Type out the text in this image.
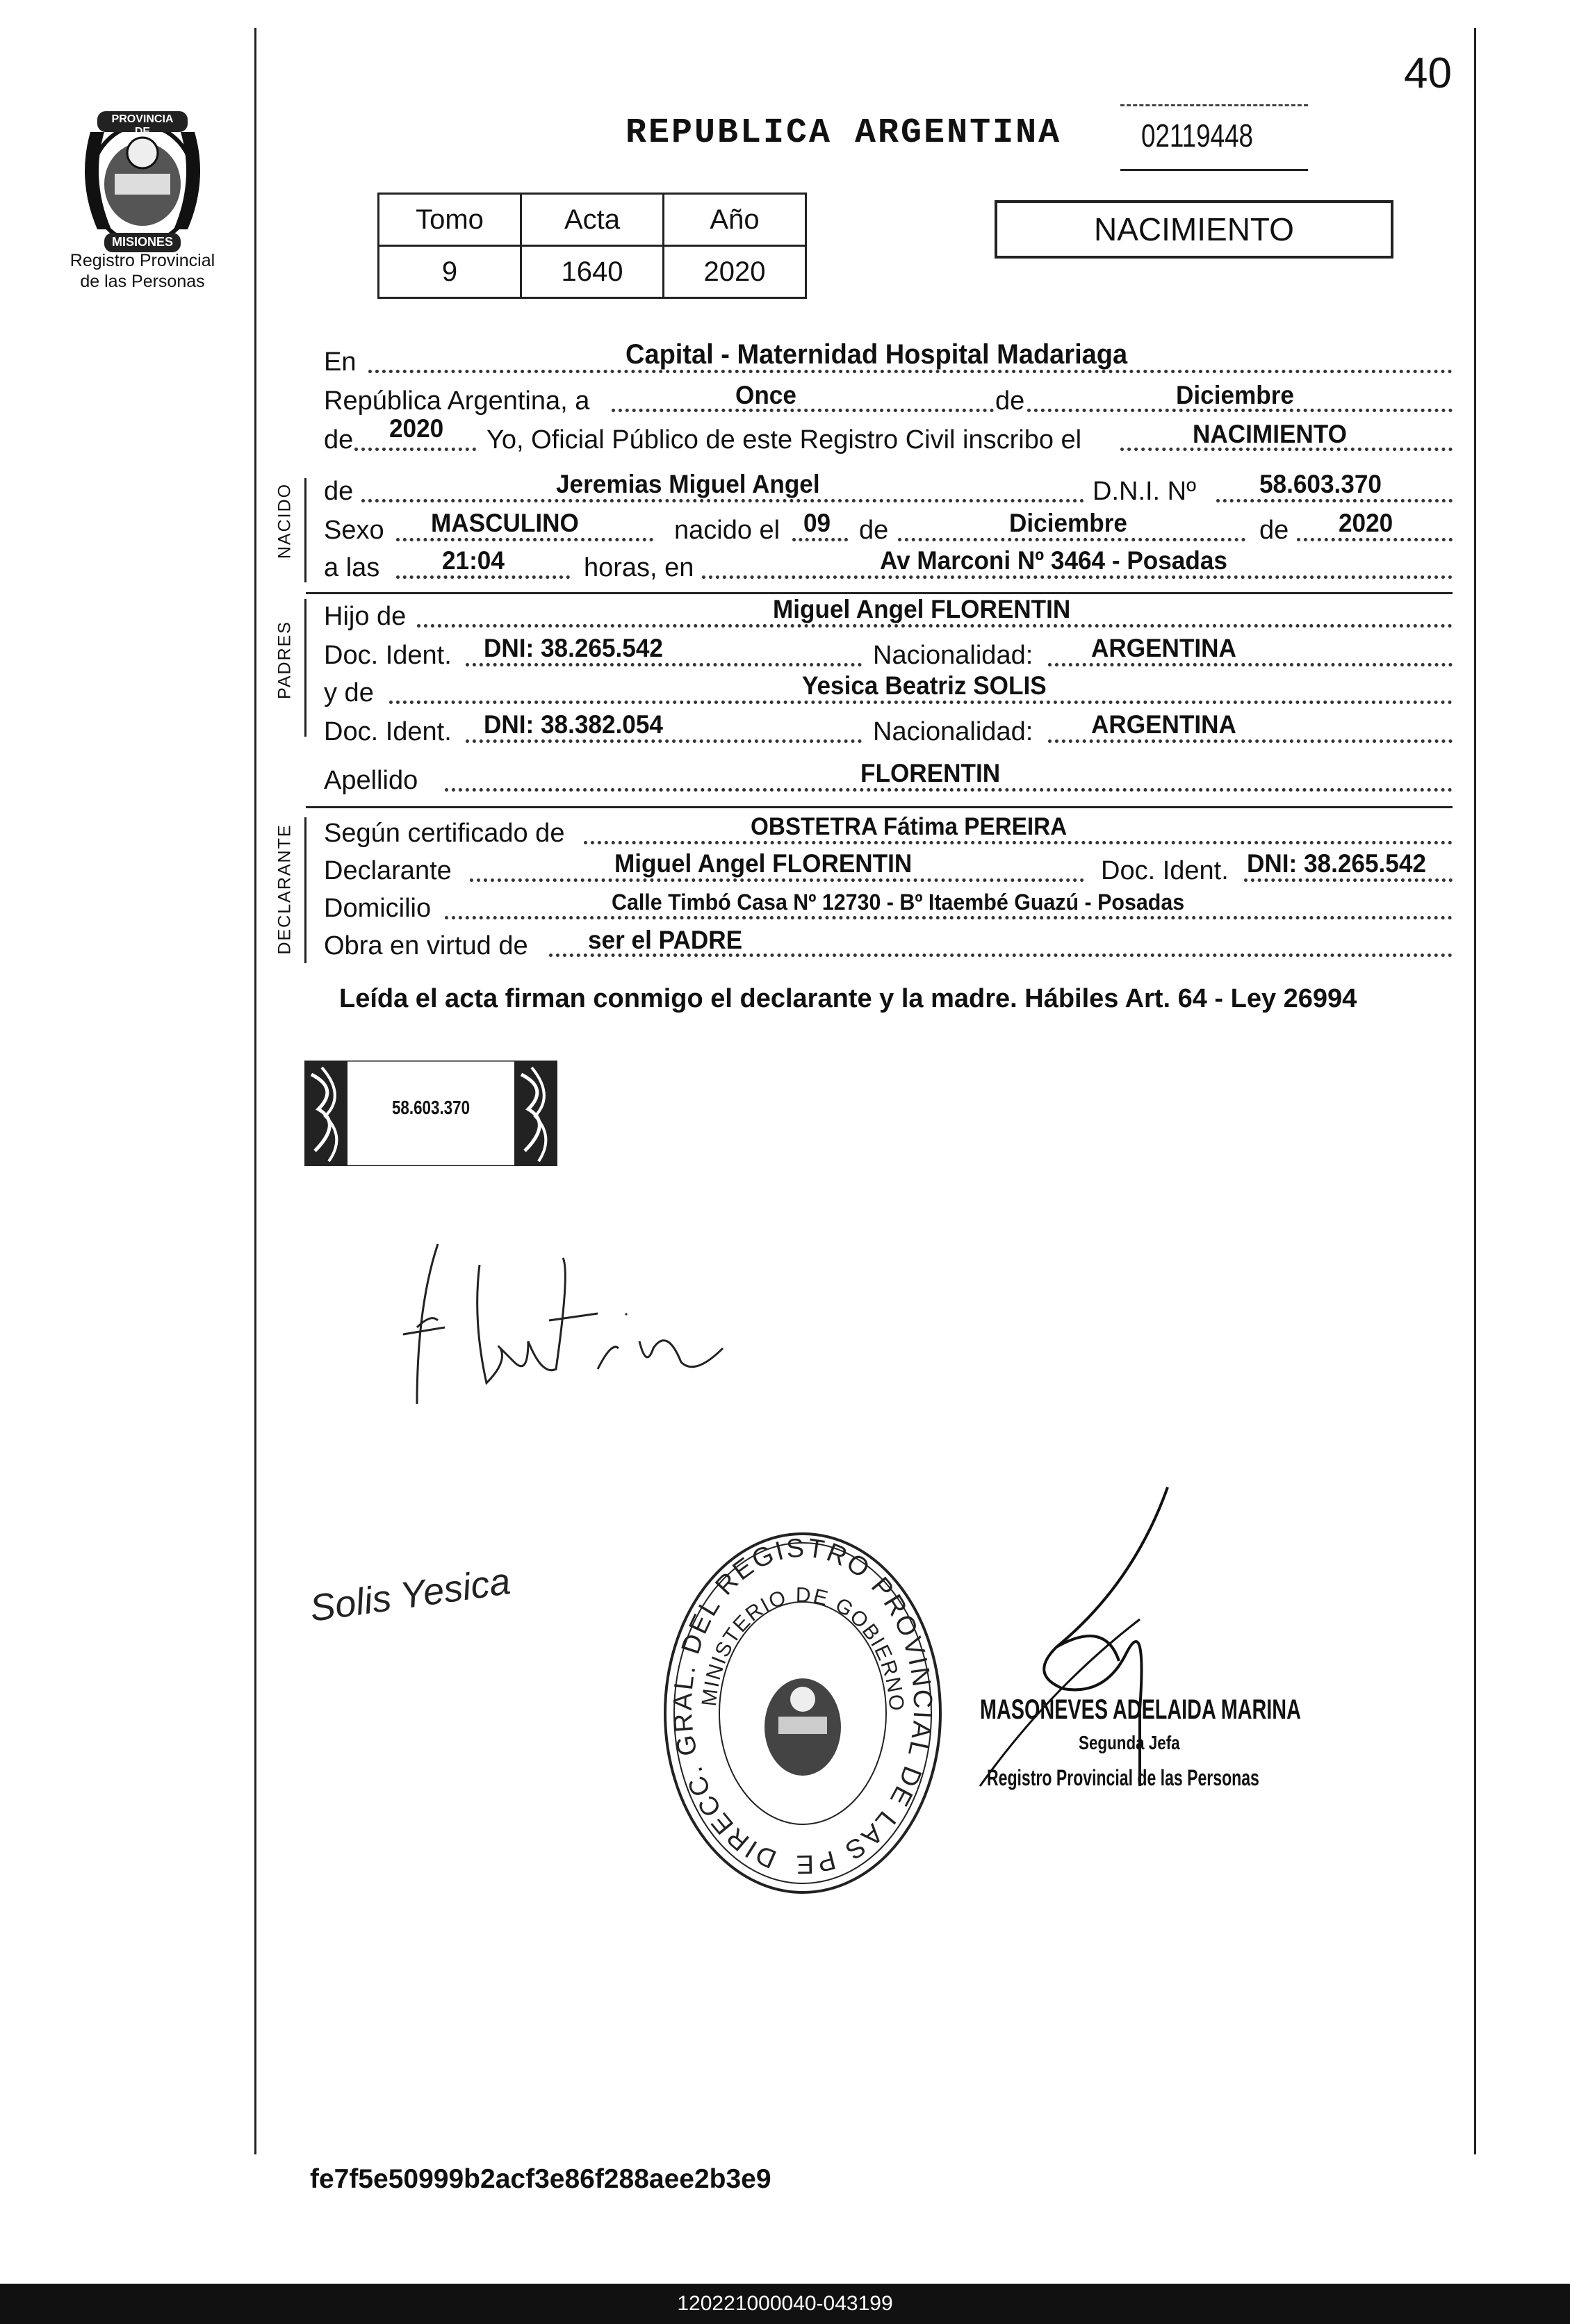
40
PROVINCIA DE
MISIONES
Registro Provincial
de las Personas
REPUBLICA ARGENTINA 02119448
Tomo	Acta	Año
9	1640	2020
NACIMIENTO
En	Capital - Maternidad Hospital Madariaga
República Argentina, a	Once	de	Diciembre
de 2020 Yo, Oficial Público de este Registro Civil inscribo el	NACIMIENTO
NACIDO de	Jeremias Miguel Angel	D.N.I. Nº 58.603.370
Sexo MASCULINO	nacido el 09 de	Diciembre	de 2020
a las 21:04	horas, en	Av Marconi Nº 3464 - Posadas
PADRES
Hijo de	Miguel Angel FLORENTIN
Doc. Ident. DNI: 38.265.542	Nacionalidad: ARGENTINA
y de	Yesica Beatriz SOLIS
Doc. Ident. DNI: 38.382.054	Nacionalidad: ARGENTINA
Apellido	FLORENTIN
DECLARANTE Según certificado de	OBSTETRA Fátima PEREIRA
Declarante	Miguel Angel FLORENTIN	Doc. Ident. DNI: 38.265.542
Domicilio	Calle Timbó Casa Nº 12730 - Bº Itaembé Guazú - Posadas
Obra en virtud de ser el PADRE
Leída el acta firman conmigo el declarante y la madre. Hábiles Art. 64 - Ley 26994
58.603.370
Solis Yesica
DIRECC. GRAL. DEL REGISTRO PROVINCIAL DE LAS PE
MINISTERIO DE GOBIERNO	MASONEVES ADELAIDA MARINA
Segunda Jefa
Registro Provincial de las Personas
fe7f5e50999b2acf3e86f288aee2b3e9
120221000040-043199
